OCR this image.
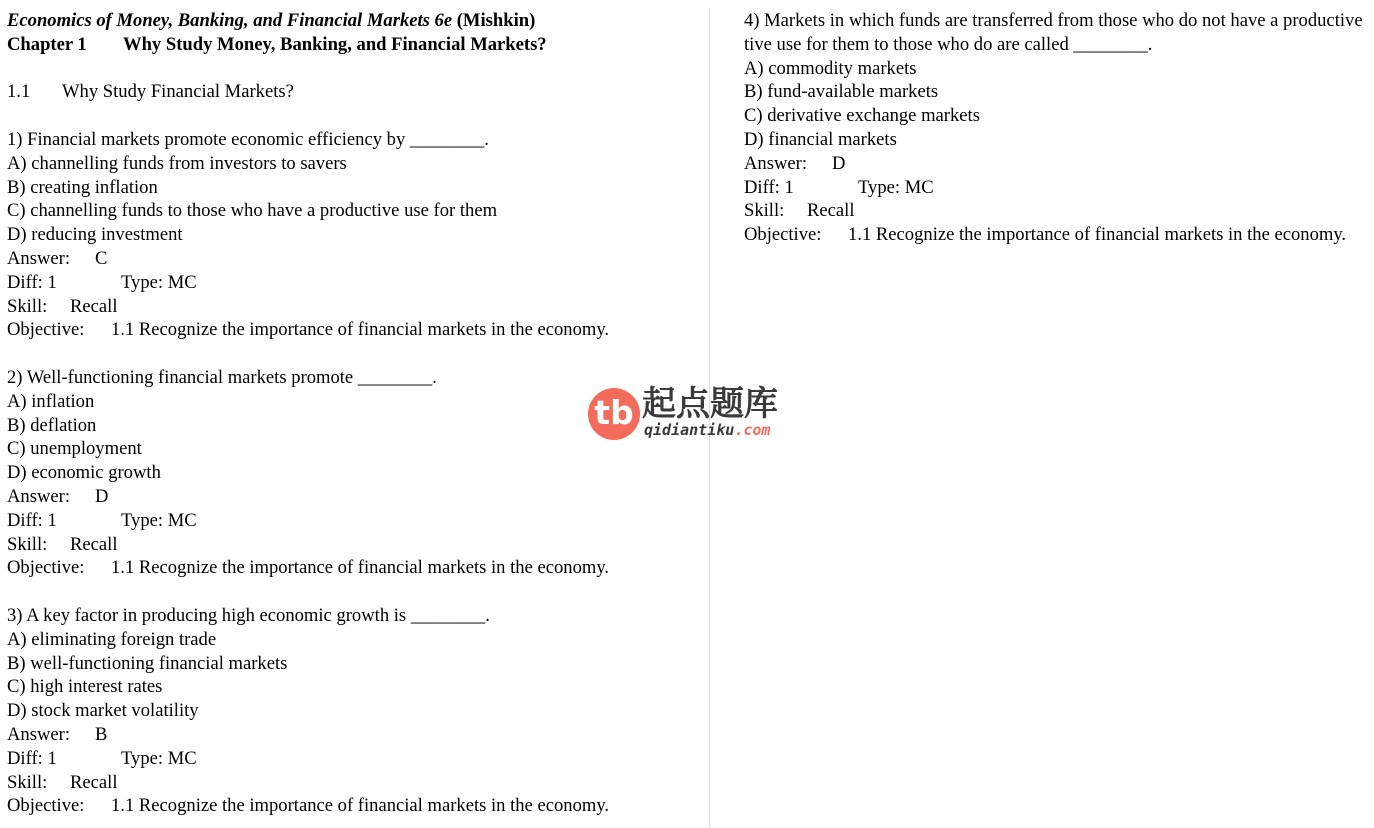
Economics of Money, Banking, and Financial Markets 6e (Mishkin)
Chapter 1 Why Study Money, Banking, and Financial Markets?
1.1 Why Study Financial Markets?
1) Financial markets promote economic efficiency by ________.
A) channelling funds from investors to savers
B) creating inflation
C) channelling funds to those who have a productive use for them
D) reducing investment
Answer: C
Diff: 1	Type: MC
Skill: Recall
Objective: 1.1 Recognize the importance of financial markets in the economy.
2) Well-functioning financial markets promote ________.
A) inflation
B) deflation
C) unemployment
D) economic growth
Answer: D
Diff: 1	Type: MC
Skill: Recall
Objective: 1.1 Recognize the importance of financial markets in the economy.
3) A key factor in producing high economic growth is ________.
A) eliminating foreign trade
B) well-functioning financial markets
C) high interest rates
D) stock market volatility
Answer: B
Diff: 1	Type: MC
Skill: Recall
Objective: 1.1 Recognize the importance of financial markets in the economy.
4) Markets in which funds are transferred from those who do not have a productive
tive use for them to those who do are called ________.
A) commodity markets
B) fund-available markets
C) derivative exchange markets
D) financial markets
Answer: D
Diff: 1	Type: MC
Skill: Recall
Objective: 1.1 Recognize the importance of financial markets in the economy.
tb 起点题库
qidiantiku.com
